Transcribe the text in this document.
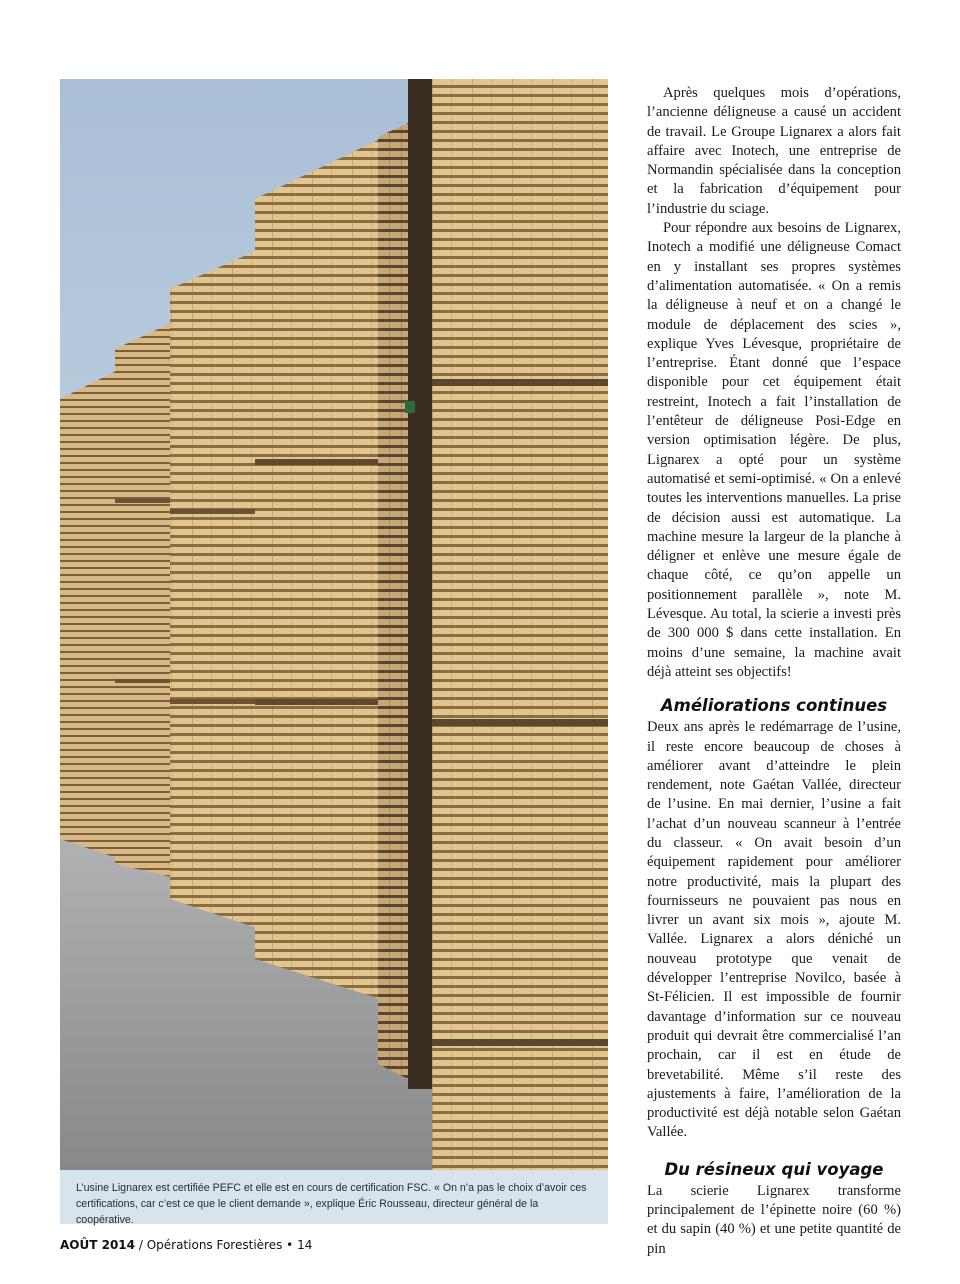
L’usine Lignarex est certifiée PEFC et elle est en cours de certification FSC. « On n’a pas le choix d’avoir ces certifications, car c’est ce que le client demande », explique Éric Rousseau, directeur général de la coopérative.

Après quelques mois d’opérations, l’ancienne déligneuse a causé un accident de travail. Le Groupe Lignarex a alors fait affaire avec Inotech, une entreprise de Normandin spécialisée dans la conception et la fabrication d’équipement pour l’industrie du sciage.

Pour répondre aux besoins de Lignarex, Inotech a modifié une déligneuse Comact en y installant ses propres systèmes d’alimentation automatisée. « On a remis la déligneuse à neuf et on a changé le module de déplacement des scies », explique Yves Lévesque, propriétaire de l’entreprise. Étant donné que l’espace disponible pour cet équipement était restreint, Inotech a fait l’installation de l’entêteur de déligneuse Posi-Edge en version optimisation légère. De plus, Lignarex a opté pour un système automatisé et semi-optimisé. « On a enlevé toutes les interventions manuelles. La prise de décision aussi est automatique. La machine mesure la largeur de la planche à déligner et enlève une mesure égale de chaque côté, ce qu’on appelle un positionnement parallèle », note M. Lévesque. Au total, la scierie a investi près de 300 000 $ dans cette installation. En moins d’une semaine, la machine avait déjà atteint ses objectifs!

Améliorations continues

Deux ans après le redémarrage de l’usine, il reste encore beaucoup de choses à améliorer avant d’atteindre le plein rendement, note Gaétan Vallée, directeur de l’usine. En mai dernier, l’usine a fait l’achat d’un nouveau scanneur à l’entrée du classeur. « On avait besoin d’un équipement rapidement pour améliorer notre productivité, mais la plupart des fournisseurs ne pouvaient pas nous en livrer un avant six mois », ajoute M. Vallée. Lignarex a alors déniché un nouveau prototype que venait de développer l’entreprise Novilco, basée à St-Félicien. Il est impossible de fournir davantage d’information sur ce nouveau produit qui devrait être commercialisé l’an prochain, car il est en étude de brevetabilité. Même s’il reste des ajustements à faire, l’amélioration de la productivité est déjà notable selon Gaétan Vallée.

Du résineux qui voyage

La scierie Lignarex transforme principalement de l’épinette noire (60 %) et du sapin (40 %) et une petite quantité de pin

AOÛT 2014 / Opérations Forestières • 14
